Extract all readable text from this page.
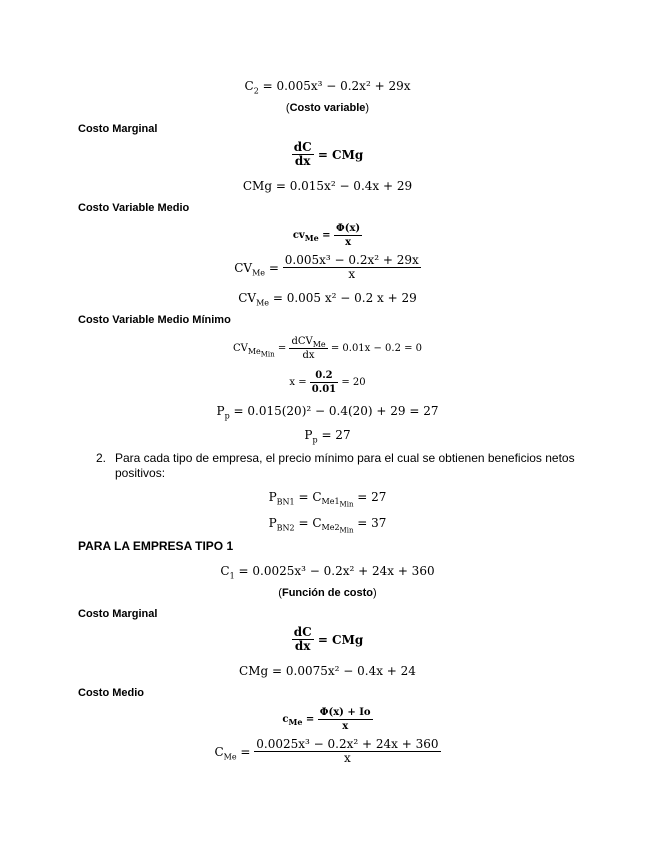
$C_2 = 0.005x^3 - 0.2x^2 + 29x$
(Costo variable)
Costo Marginal
$\frac{dC}{dx}$ = CMg
CMg = 0.015x² − 0.4x + 29
Costo Variable Medio
$cv_{Me} = \frac{\Phi(x)}{x}$
$CV_{Me} = \frac{\text{0.005x³ − 0.2x² + 29x}}{x}$
$CV_{Me} = 0.005$ x² − 0.2 x + 29
Costo Variable Medio Mínimo
$CV_{Me_{Min}} = \frac{dCV_{Me}}{dx} = 0.01x - 0.2 = 0$
$x = \frac{0.2}{0.01} = 20$
$P_p = 0.015(20)^2 - 0.4(20) + 29 = 27$
$P_p = 27$
2. Para cada tipo de empresa, el precio mínimo para el cual se obtienen beneficios netos positivos:
$P_{BN1} = C_{Me1_{Min}} = 27$
$P_{BN2} = C_{Me2_{Min}} = 37$
PARA LA EMPRESA TIPO 1
$C_1 = 0.0025x^3 - 0.2x^2 + 24x + 360$
(Función de costo)
Costo Marginal
$\frac{dC}{dx}$ = CMg
CMg = 0.0075x² − 0.4x + 24
Costo Medio
$c_{Me} = \frac{\Phi(x) + Io}{x}$
$C_{Me} = \frac{\text{0.0025x³ − 0.2x² + 24x + 360}}{x}$
